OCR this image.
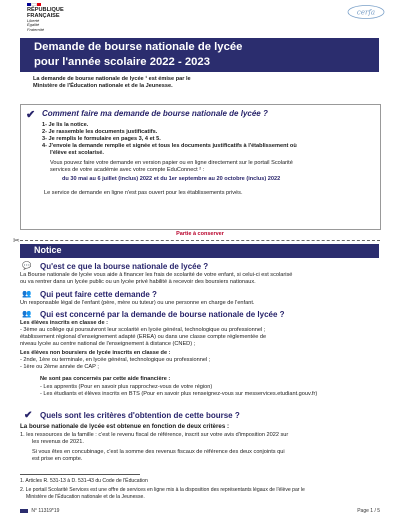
RÉPUBLIQUE
FRANÇAISE
Liberté
Égalité
Fraternité
cerfa
Demande de bourse nationale de lycée
pour l'année scolaire 2022 - 2023
La demande de bourse nationale de lycée ¹ est émise par le
Ministère de l'Éducation nationale et de la Jeunesse.
✔ Comment faire ma demande de bourse nationale de lycée ?
1- Je lis la notice.
2- Je rassemble les documents justificatifs.
3- Je remplis le formulaire en pages 3, 4 et 5.
4- J'envoie la demande remplie et signée et tous les documents justificatifs à l'établissement où
l'élève est scolarisé.
Vous pouvez faire votre demande en version papier ou en ligne directement sur le portail Scolarité
services de votre académie avec votre compte EduConnect ² :
du 30 mai au 6 juillet (inclus) 2022 et du 1er septembre au 20 octobre (inclus) 2022
Le service de demande en ligne n'est pas ouvert pour les établissements privés.
Partie à conserver
✂
Notice
💬 Qu'est ce que la bourse nationale de lycée ?
La Bourse nationale de lycée vous aide à financer les frais de scolarité de votre enfant, si celui-ci est scolarisé
ou va rentrer dans un lycée public ou un lycée privé habilité à recevoir des boursiers nationaux.
👥 Qui peut faire cette demande ?
Un responsable légal de l'enfant (père, mère ou tuteur) ou une personne en charge de l'enfant.
👥 Qui est concerné par la demande de bourse nationale de lycée ?
Les élèves inscrits en classe de :
- 3ème au collège qui poursuivront leur scolarité en lycée général, technologique ou professionnel ;
établissement régional d'enseignement adapté (EREA) ou dans une classe compte réglementée de
niveau lycée au centre national de l'enseignement à distance (CNED) ;
Les élèves non boursiers de lycée inscrits en classe de :
- 2nde, 1ère ou terminale, en lycée général, technologique ou professionnel ;
- 1ère ou 2ème année de CAP ;
Ne sont pas concernés par cette aide financière :
- Les apprentis (Pour en savoir plus rapprochez-vous de votre région)
- Les étudiants et élèves inscrits en BTS (Pour en savoir plus renseignez-vous sur messervices.etudiant.gouv.fr)
✔ Quels sont les critères d'obtention de cette bourse ?
La bourse nationale de lycée est obtenue en fonction de deux critères :
1. les ressources de la famille : c'est le revenu fiscal de référence, inscrit sur votre avis d'imposition 2022 sur
les revenus de 2021.
Si vous êtes en concubinage, c'est la somme des revenus fiscaux de référence des deux conjoints qui
est prise en compte.
1. Articles R. 531-13 à D. 531-43 du Code de l'Éducation
2. Le portail Scolarité Services est une offre de services en ligne mis à la disposition des représentants légaux de l'élève par le
Ministère de l'Éducation nationale et de la Jeunesse.
N° 11319*19	Page 1 / 5
